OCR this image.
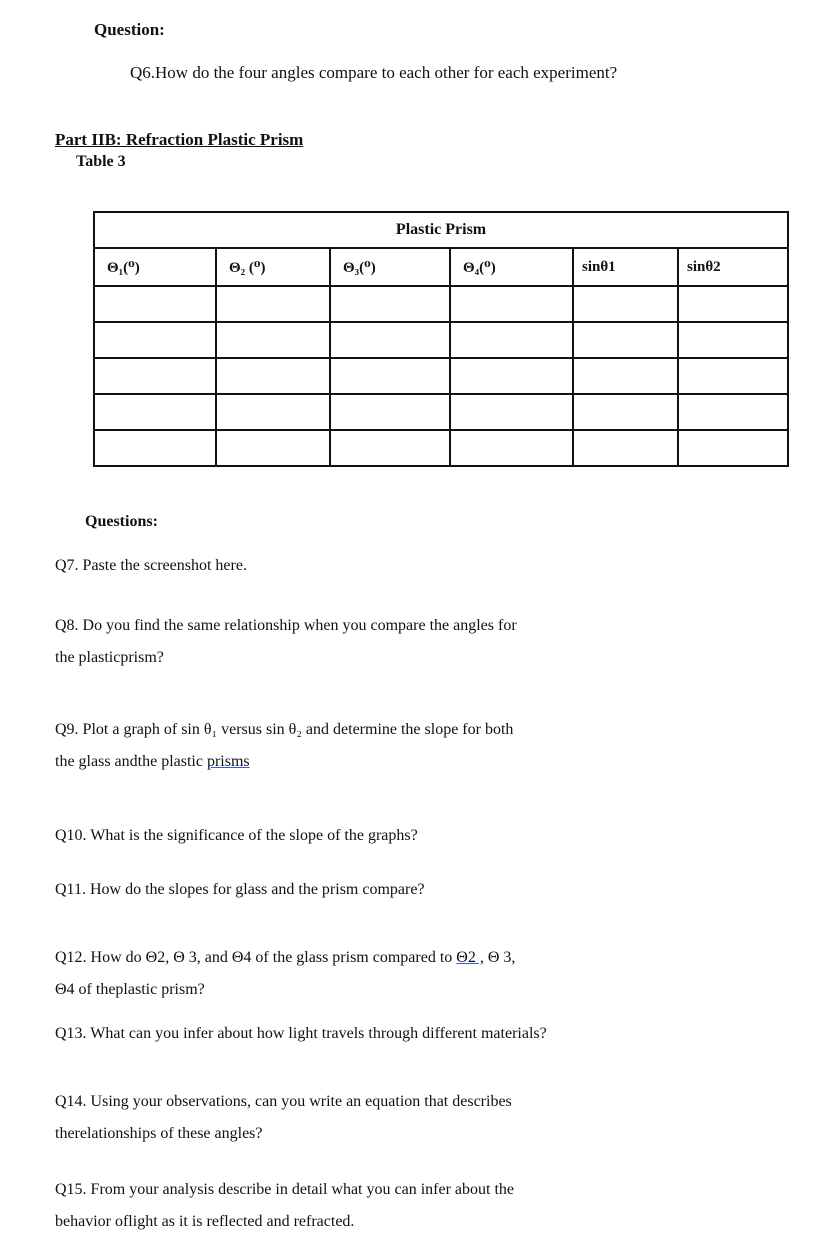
Question:
Q6.How do the four angles compare to each other for each experiment?
Part IIB: Refraction Plastic Prism
Table 3
Plastic Prism					
Θ₁(⁰)	Θ₂ (⁰)	Θ₃(⁰)	Θ₄(⁰)	sinθ1	sinθ2

Questions:
Q7. Paste the screenshot here.
Q8. Do you find the same relationship when you compare the angles for
the plasticprism?
Q9. Plot a graph of sin θ₁ versus sin θ₂ and determine the slope for both
the glass andthe plastic prisms
Q10. What is the significance of the slope of the graphs?
Q11. How do the slopes for glass and the prism compare?
Q12. How do Θ2, Θ 3, and Θ4 of the glass prism compared to Θ2 , Θ 3,
Θ4 of theplastic prism?
Q13. What can you infer about how light travels through different materials?
Q14. Using your observations, can you write an equation that describes
therelationships of these angles?
Q15. From your analysis describe in detail what you can infer about the
behavior oflight as it is reflected and refracted.
